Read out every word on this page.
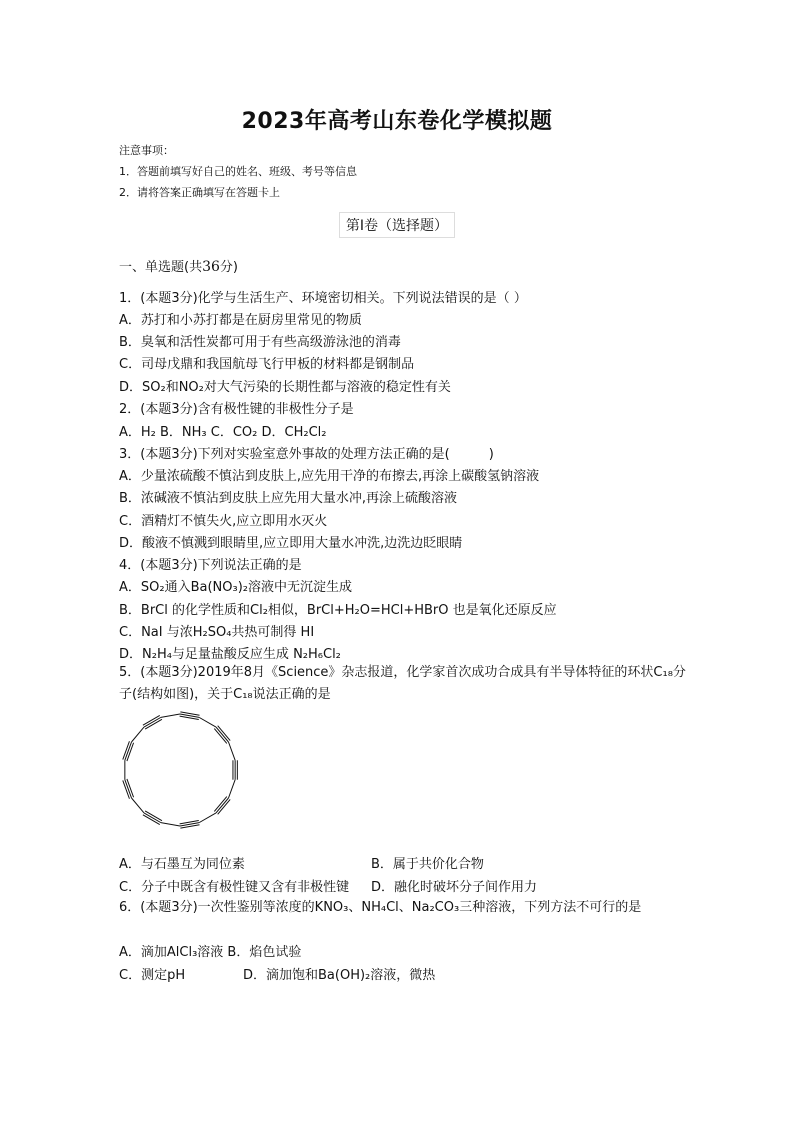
2023年高考山东卷化学模拟题
注意事项：
1．答题前填写好自己的姓名、班级、考号等信息
2．请将答案正确填写在答题卡上
第I卷（选择题）
一、单选题(共36分)
1．(本题3分)化学与生活生产、环境密切相关。下列说法错误的是（ ）
A．苏打和小苏打都是在厨房里常见的物质
B．臭氧和活性炭都可用于有些高级游泳池的消毒
C．司母戊鼎和我国航母飞行甲板的材料都是钢制品
D．SO₂和NO₂对大气污染的长期性都与溶液的稳定性有关
2．(本题3分)含有极性键的非极性分子是
A．H₂ B．NH₃ C．CO₂ D．CH₂Cl₂
3．(本题3分)下列对实验室意外事故的处理方法正确的是(　　　)
A．少量浓硫酸不慎沾到皮肤上,应先用干净的布擦去,再涂上碳酸氢钠溶液
B．浓碱液不慎沾到皮肤上应先用大量水冲,再涂上硫酸溶液
C．酒精灯不慎失火,应立即用水灭火
D．酸液不慎溅到眼睛里,应立即用大量水冲洗,边洗边眨眼睛
4．(本题3分)下列说法正确的是
A．SO₂通入Ba(NO₃)₂溶液中无沉淀生成
B．BrCl 的化学性质和Cl₂相似，BrCl+H₂O=HCl+HBrO 也是氧化还原反应
C．NaI 与浓H₂SO₄共热可制得 HI
D．N₂H₄与足量盐酸反应生成 N₂H₆Cl₂
5．(本题3分)2019年8月《Science》杂志报道，化学家首次成功合成具有半导体特征的环状C₁₈分子(结构如图)，关于C₁₈说法正确的是
A．与石墨互为同位素	B．属于共价化合物
C．分子中既含有极性键又含有非极性键 D．融化时破坏分子间作用力
6．(本题3分)一次性鉴别等浓度的KNO₃、NH₄Cl、Na₂CO₃三种溶液，下列方法不可行的是
A．滴加AlCl₃溶液 B．焰色试验
C．测定pH	D．滴加饱和Ba(OH)₂溶液，微热
